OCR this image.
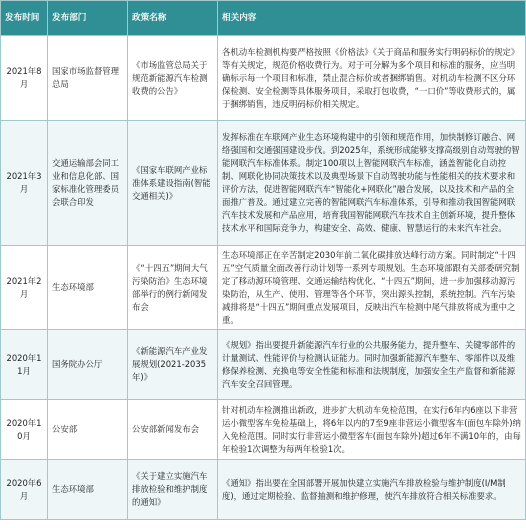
发布时间	发布部门	政策名称	相关内容
2021年8月	国家市场监督管理总局	《市场监管总局关于规范新能源汽车检测收费的公告》	各机动车检测机构要严格按照《价格法》《关于商品和服务实行明码标价的规定》等有关规定，规范价格收费行为。对于可分解为多个项目和标准的服务，应当明确标示每一个项目和标准，禁止混合标价或者捆绑销售。对机动车检测不区分环保检测、安全检测等具体服务项目，采取打包收费，“一口价”等收费形式的，属于捆绑销售，违反明码标价相关规定。
2021年3月	交通运输部会同工业和信息化部、国家标准化管理委员会联合印发	《国家车联网产业标准体系建设指南(智能交通相关)》	发挥标准在车联网产业生态环境构建中的引领和规范作用，加快制修订融合、网络强国和交通强国建设步伐。到2025年，系统形成能够支撑高级别自动驾驶的智能网联汽车标准体系。制定100项以上智能网联汽车标准，涵盖智能化自动控制、网联化协同决策技术以及典型场景下自动驾驶功能与性能相关的技术要求和评价方法，促进智能网联汽车“智能化+网联化”融合发展，以及技术和产品的全面推广普及。通过建立完善的智能网联汽车标准体系，引导和推动我国智能网联汽车技术发展和产品应用，培育我国智能网联汽车技术自主创新环境，提升整体技术水平和国际竞争力，构建安全、高效、健康、智慧运行的未来汽车社会。
2021年2月	生态环境部	《“十四五”期间大气污染防治》生态环境部举行的例行新闻发布会	生态环境部正在辛苦制定2030年前二氧化碳排放达峰行动方案。同时制定“十四五”空气质量全面改善行动计划等一系列专项规划。生态环境部跟有关部委研究制定了移动源环境管理、交通运输结构优化、“十四五”期间，进一步加强移动源污染防治，从生产、使用、管理等各个环节，突出源头控制，系统控制。汽车污染减排将是“十四五”期间重点发展项目，反映出汽车检测中尾气排放将成为重中之重。
2020年11月	国务院办公厅	《新能源汽车产业发展规划(2021-2035年)》	《规划》指出要提升新能源汽车行业的公共服务能力，提升整车、关键零部件的计量测试、性能评价与检测认证能力。同时加强新能源汽车整车、零部件以及维修保养检测、充换电等安全性能和标准和法规制度，加强安全生产监督和新能源汽车安全召回管理。
2020年10月	公安部	公安部新闻发布会	针对机动车检测推出新政，进步扩大机动车免检范围，在实行6年内6座以下非营运小微型客车免检基础上，将6年以内的7至9座非营运小微型客车(面包车除外)纳入免检范围。同时实行非营运小微型客车(面包车除外)超过6年不满10年的，由每年检验1次调整为每两年检验1次。
2020年6月	生态环境部	《关于建立实施汽车排放检验和维护制度的通知》	《通知》指出要在全国部署开展加快建立实施汽车排放检验与维护制度(I/M制度)，通过定期检验、监督抽测和维护修理，使汽车排放符合相关标准要求。
